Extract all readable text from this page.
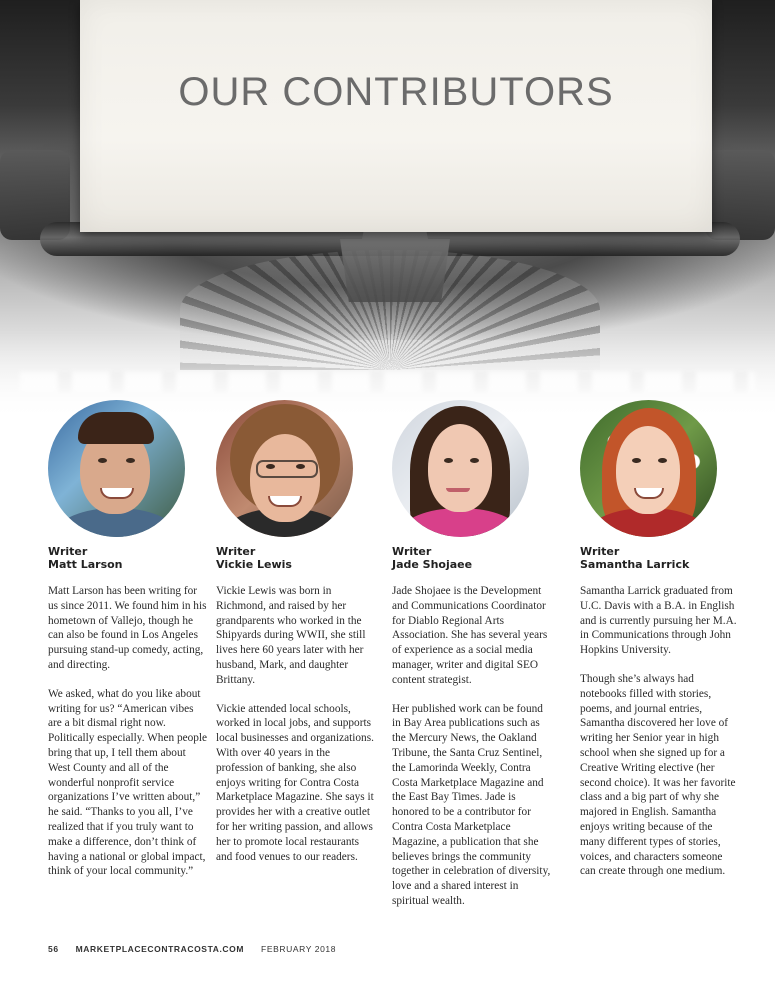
OUR CONTRIBUTORS

Writer

Matt Larson

Matt Larson has been writing for us since 2011. We found him in his hometown of Vallejo, though he can also be found in Los Angeles pursuing stand-up comedy, acting, and directing.

We asked, what do you like about writing for us? “American vibes are a bit dismal right now. Politically especially. When people bring that up, I tell them about West County and all of the wonderful nonprofit service organizations I’ve written about,” he said. “Thanks to you all, I’ve realized that if you truly want to make a difference, don’t think of having a national or global impact, think of your local community.”

Writer

Vickie Lewis

Vickie Lewis was born in Richmond, and raised by her grandparents who worked in the Shipyards during WWII, she still lives here 60 years later with her husband, Mark, and daughter Brittany.

Vickie attended local schools, worked in local jobs, and supports local businesses and organizations. With over 40 years in the profession of banking, she also enjoys writing for Contra Costa Marketplace Magazine. She says it provides her with a creative outlet for her writing passion, and allows her to promote local restaurants and food venues to our readers.

Writer

Jade Shojaee

Jade Shojaee is the Development and Communications Coordinator for Diablo Regional Arts Association. She has several years of experience as a social media manager, writer and digital SEO content strategist.

Her published work can be found in Bay Area publications such as the Mercury News, the Oakland Tribune, the Santa Cruz Sentinel, the Lamorinda Weekly, Contra Costa Marketplace Magazine and the East Bay Times. Jade is honored to be a contributor for Contra Costa Marketplace Magazine, a publication that she believes brings the community together in celebration of diversity, love and a shared interest in spiritual wealth.

Writer

Samantha Larrick

Samantha Larrick graduated from U.C. Davis with a B.A. in English and is currently pursuing her M.A. in Communications through John Hopkins University.

Though she’s always had notebooks filled with stories, poems, and journal entries, Samantha discovered her love of writing her Senior year in high school when she signed up for a Creative Writing elective (her second choice). It was her favorite class and a big part of why she majored in English. Samantha enjoys writing because of the many different types of stories, voices, and characters someone can create through one medium.

56 MARKETPLACECONTRACOSTA.COM FEBRUARY 2018
